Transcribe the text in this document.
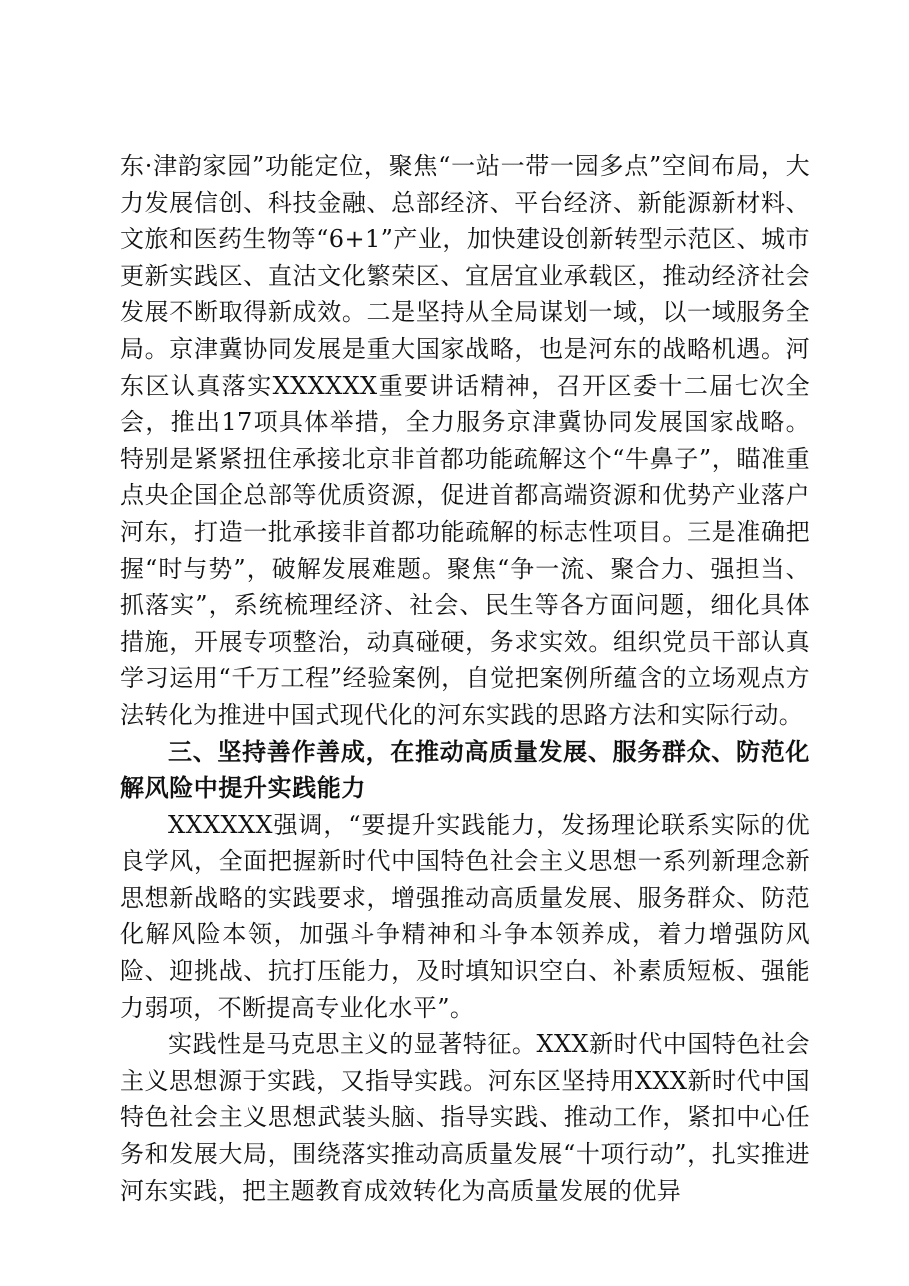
东·津韵家园”功能定位，聚焦“一站一带一园多点”空间布局，大力发展信创、科技金融、总部经济、平台经济、新能源新材料、文旅和医药生物等“6+1”产业，加快建设创新转型示范区、城市更新实践区、直沽文化繁荣区、宜居宜业承载区，推动经济社会发展不断取得新成效。二是坚持从全局谋划一域，以一域服务全局。京津冀协同发展是重大国家战略，也是河东的战略机遇。河东区认真落实XXXXXX重要讲话精神，召开区委十二届七次全会，推出17项具体举措，全力服务京津冀协同发展国家战略。特别是紧紧扭住承接北京非首都功能疏解这个“牛鼻子”，瞄准重点央企国企总部等优质资源，促进首都高端资源和优势产业落户河东，打造一批承接非首都功能疏解的标志性项目。三是准确把握“时与势”，破解发展难题。聚焦“争一流、聚合力、强担当、抓落实”，系统梳理经济、社会、民生等各方面问题，细化具体措施，开展专项整治，动真碰硬，务求实效。组织党员干部认真学习运用“千万工程”经验案例，自觉把案例所蕴含的立场观点方法转化为推进中国式现代化的河东实践的思路方法和实际行动。

三、坚持善作善成，在推动高质量发展、服务群众、防范化解风险中提升实践能力

XXXXXX强调，“要提升实践能力，发扬理论联系实际的优良学风，全面把握新时代中国特色社会主义思想一系列新理念新思想新战略的实践要求，增强推动高质量发展、服务群众、防范化解风险本领，加强斗争精神和斗争本领养成，着力增强防风险、迎挑战、抗打压能力，及时填知识空白、补素质短板、强能力弱项，不断提高专业化水平”。

实践性是马克思主义的显著特征。XXX新时代中国特色社会主义思想源于实践，又指导实践。河东区坚持用XXX新时代中国特色社会主义思想武装头脑、指导实践、推动工作，紧扣中心任务和发展大局，围绕落实推动高质量发展“十项行动”，扎实推进河东实践，把主题教育成效转化为高质量发展的优异
